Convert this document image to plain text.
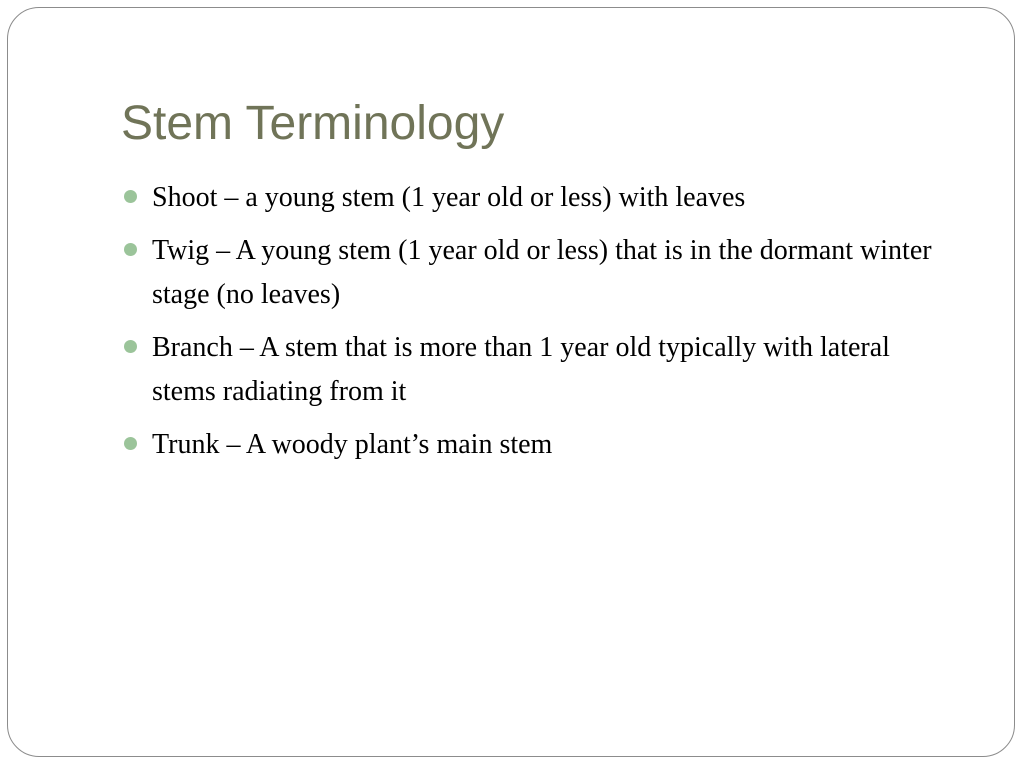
Stem Terminology
Shoot – a young stem (1 year old or less) with leaves
Twig – A young stem (1 year old or less) that is in the dormant winter stage (no leaves)
Branch – A stem that is more than 1 year old typically with lateral stems radiating from it
Trunk – A woody plant’s main stem
